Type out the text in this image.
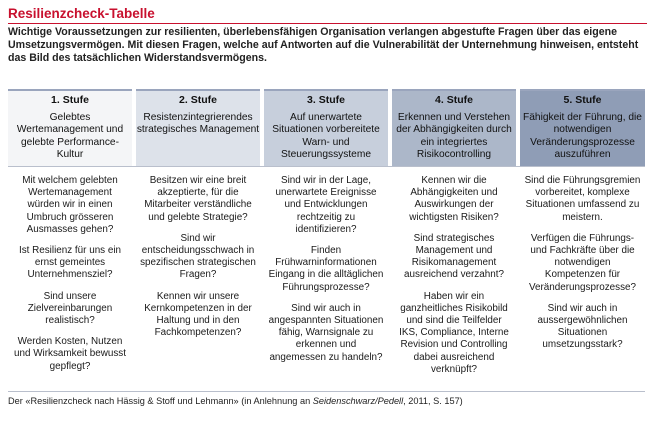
Resilienzcheck-Tabelle
Wichtige Voraussetzungen zur resilienten, überlebensfähigen Organisation verlangen abgestufte Fragen über das eigene Umsetzungsvermögen. Mit diesen Fragen, welche auf Antworten auf die Vulnerabilität der Unternehmung hinweisen, entsteht das Bild des tatsächlichen Widerstandsvermögens.
1. Stufe
Gelebtes Wertemanagement und gelebte Performance-Kultur

Mit welchem gelebten Wertemanagement würden wir in einen Umbruch grösseren Ausmasses gehen?

Ist Resilienz für uns ein ernst gemeintes Unternehmensziel?

Sind unsere Zielvereinbarungen realistisch?

Werden Kosten, Nutzen und Wirksamkeit bewusst gepflegt?

2. Stufe
Resistenzintegrierendes strategisches Management

Besitzen wir eine breit akzeptierte, für die Mitarbeiter verständliche und gelebte Strategie?

Sind wir entscheidungsschwach in spezifischen strategischen Fragen?

Kennen wir unsere Kernkompetenzen in der Haltung und in den Fachkompetenzen?

3. Stufe
Auf unerwartete Situationen vorbereitete Warn- und Steuerungssysteme

Sind wir in der Lage, unerwartete Ereignisse und Entwicklungen rechtzeitig zu identifizieren?

Finden Frühwarninformationen Eingang in die alltäglichen Führungsprozesse?

Sind wir auch in angespannten Situationen fähig, Warnsignale zu erkennen und angemessen zu handeln?

4. Stufe
Erkennen und Verstehen der Abhängigkeiten durch ein integriertes Risikocontrolling

Kennen wir die Abhängigkeiten und Auswirkungen der wichtigsten Risiken?

Sind strategisches Management und Risikomanagement ausreichend verzahnt?

Haben wir ein ganzheitliches Risikobild und sind die Teilfelder IKS, Compliance, Interne Revision und Controlling dabei ausreichend verknüpft?

5. Stufe
Fähigkeit der Führung, die notwendigen Veränderungsprozesse auszuführen

Sind die Führungsgremien vorbereitet, komplexe Situationen umfassend zu meistern.

Verfügen die Führungs- und Fachkräfte über die notwendigen Kompetenzen für Veränderungsprozesse?

Sind wir auch in aussergewöhnlichen Situationen umsetzungsstark?

Der «Resilienzcheck nach Hässig & Stoff und Lehmann» (in Anlehnung an Seidenschwarz/Pedell, 2011, S. 157)
